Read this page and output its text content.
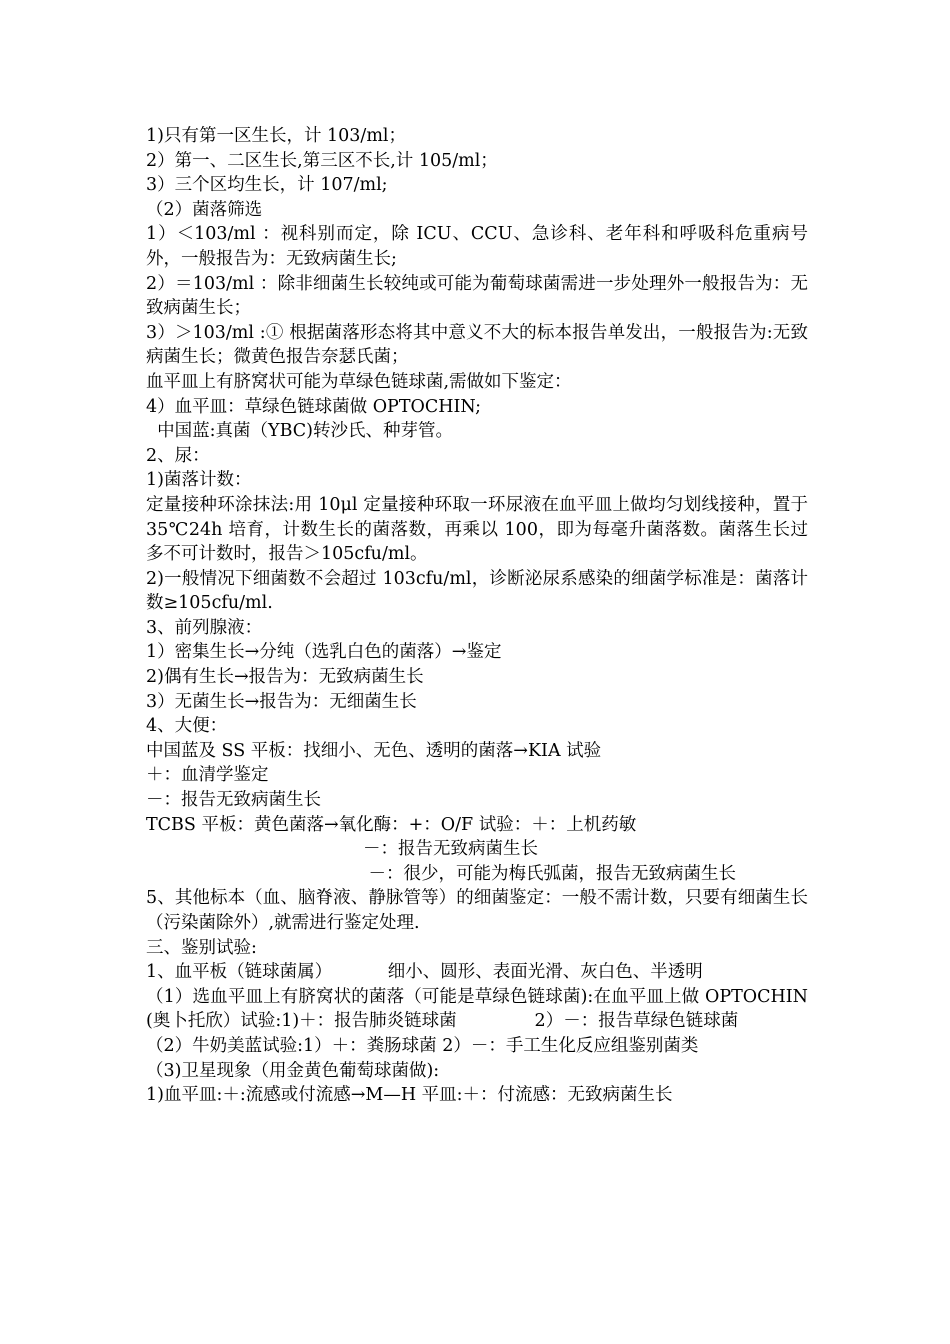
1)只有第一区生长，计 103/ml；
2）第一、二区生长,第三区不长,计 105/ml；
3）三个区均生长，计 107/ml;
（2）菌落筛选
1）＜103/ml ：视科别而定，除 ICU、CCU、急诊科、老年科和呼吸科危重病号外，一般报告为：无致病菌生长;
2）＝103/ml ：除非细菌生长较纯或可能为葡萄球菌需进一步处理外一般报告为：无致病菌生长；
3）＞103/ml :① 根据菌落形态将其中意义不大的标本报告单发出，一般报告为:无致病菌生长；微黄色报告奈瑟氏菌；
血平皿上有脐窝状可能为草绿色链球菌,需做如下鉴定：
4）血平皿：草绿色链球菌做 OPTOCHIN;
中国蓝:真菌（YBC)转沙氏、种芽管。
2、尿：
1)菌落计数：
定量接种环涂抹法:用 10μl 定量接种环取一环尿液在血平皿上做均匀划线接种，置于 35℃24h 培育，计数生长的菌落数，再乘以 100，即为每毫升菌落数。菌落生长过多不可计数时，报告＞105cfu/ml。
2)一般情况下细菌数不会超过 103cfu/ml，诊断泌尿系感染的细菌学标准是：菌落计数≥105cfu/ml.
3、前列腺液：
1）密集生长→分纯（选乳白色的菌落）→鉴定
2)偶有生长→报告为：无致病菌生长
3）无菌生长→报告为：无细菌生长
4、大便：
中国蓝及 SS 平板：找细小、无色、透明的菌落→KIA 试验
＋：血清学鉴定
－：报告无致病菌生长
TCBS 平板：黄色菌落→氧化酶：+：O/F 试验：＋：上机药敏
－：报告无致病菌生长
－：很少，可能为梅氏弧菌，报告无致病菌生长
5、其他标本（血、脑脊液、静脉管等）的细菌鉴定：一般不需计数，只要有细菌生长（污染菌除外）,就需进行鉴定处理.
三、鉴别试验:
1、血平板（链球菌属）          细小、圆形、表面光滑、灰白色、半透明
（1）选血平皿上有脐窝状的菌落（可能是草绿色链球菌):在血平皿上做 OPTOCHIN(奥卜托欣）试验:1)＋：报告肺炎链球菌              2）－：报告草绿色链球菌
（2）牛奶美蓝试验:1）＋：粪肠球菌 2）－：手工生化反应组鉴别菌类
（3)卫星现象（用金黄色葡萄球菌做):
1)血平皿:＋:流感或付流感→M—H 平皿:＋：付流感：无致病菌生长
